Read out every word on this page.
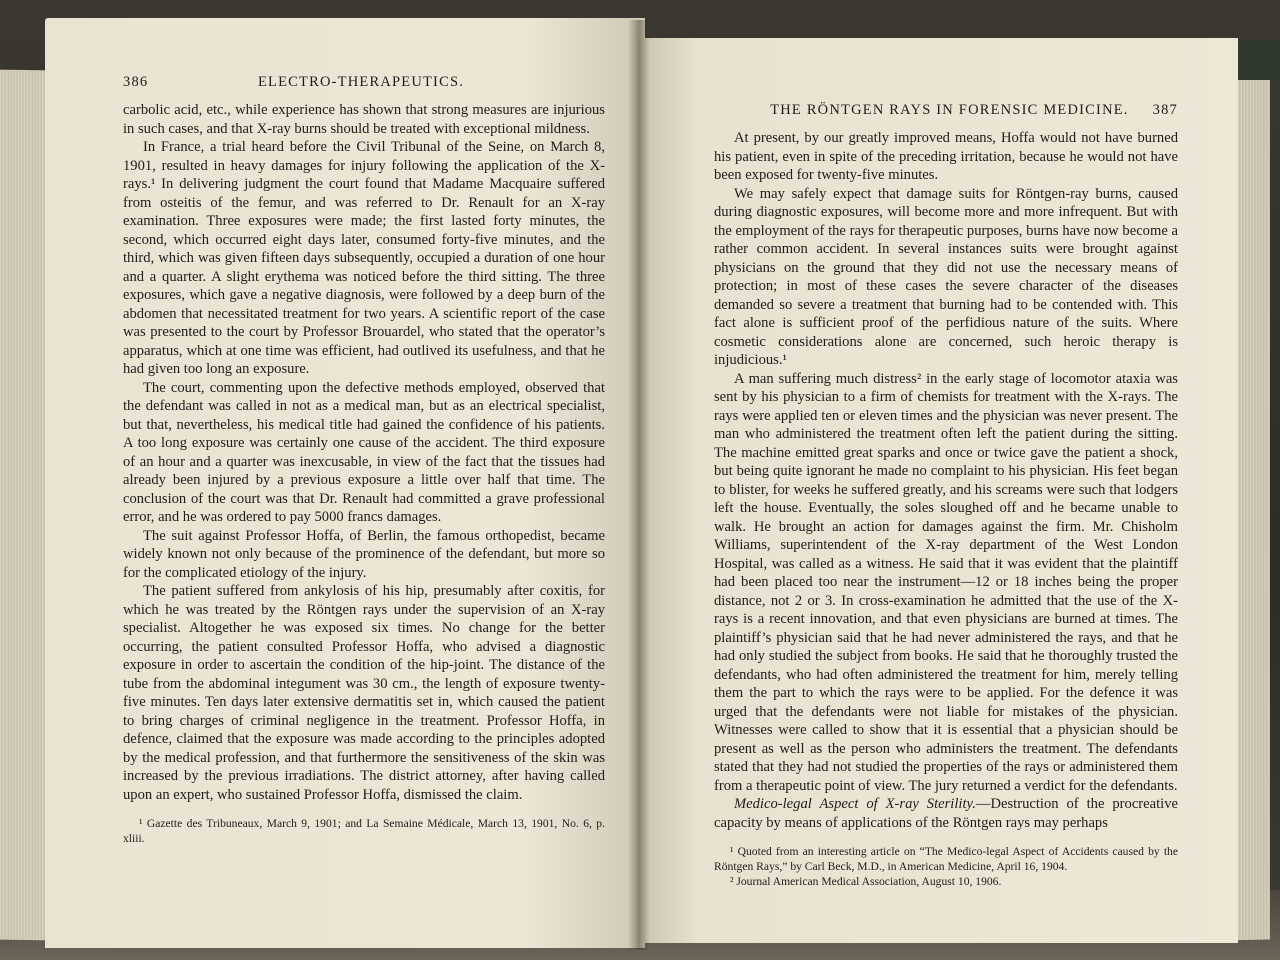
386	ELECTRO-THERAPEUTICS.

carbolic acid, etc., while experience has shown that strong measures are injurious in such cases, and that X-ray burns should be treated with exceptional mildness.

In France, a trial heard before the Civil Tribunal of the Seine, on March 8, 1901, resulted in heavy damages for injury following the application of the X-rays.¹ In delivering judgment the court found that Madame Macquaire suffered from osteitis of the femur, and was referred to Dr. Renault for an X-ray examination. Three exposures were made; the first lasted forty minutes, the second, which occurred eight days later, consumed forty-five minutes, and the third, which was given fifteen days subsequently, occupied a duration of one hour and a quarter. A slight erythema was noticed before the third sitting. The three exposures, which gave a negative diagnosis, were followed by a deep burn of the abdomen that necessitated treatment for two years. A scientific report of the case was presented to the court by Professor Brouardel, who stated that the operator’s apparatus, which at one time was efficient, had outlived its usefulness, and that he had given too long an exposure.

The court, commenting upon the defective methods employed, observed that the defendant was called in not as a medical man, but as an electrical specialist, but that, nevertheless, his medical title had gained the confidence of his patients. A too long exposure was certainly one cause of the accident. The third exposure of an hour and a quarter was inexcusable, in view of the fact that the tissues had already been injured by a previous exposure a little over half that time. The conclusion of the court was that Dr. Renault had committed a grave professional error, and he was ordered to pay 5000 francs damages.

The suit against Professor Hoffa, of Berlin, the famous orthopedist, became widely known not only because of the prominence of the defendant, but more so for the complicated etiology of the injury.

The patient suffered from ankylosis of his hip, presumably after coxitis, for which he was treated by the Röntgen rays under the supervision of an X-ray specialist. Altogether he was exposed six times. No change for the better occurring, the patient consulted Professor Hoffa, who advised a diagnostic exposure in order to ascertain the condition of the hip-joint. The distance of the tube from the abdominal integument was 30 cm., the length of exposure twenty-five minutes. Ten days later extensive dermatitis set in, which caused the patient to bring charges of criminal negligence in the treatment. Professor Hoffa, in defence, claimed that the exposure was made according to the principles adopted by the medical profession, and that furthermore the sensitiveness of the skin was increased by the previous irradiations. The district attorney, after having called upon an expert, who sustained Professor Hoffa, dismissed the claim.

¹ Gazette des Tribuneaux, March 9, 1901; and La Semaine Médicale, March 13, 1901, No. 6, p. xliii.

THE RÖNTGEN RAYS IN FORENSIC MEDICINE. 387

At present, by our greatly improved means, Hoffa would not have burned his patient, even in spite of the preceding irritation, because he would not have been exposed for twenty-five minutes.

We may safely expect that damage suits for Röntgen-ray burns, caused during diagnostic exposures, will become more and more infrequent. But with the employment of the rays for therapeutic purposes, burns have now become a rather common accident. In several instances suits were brought against physicians on the ground that they did not use the necessary means of protection; in most of these cases the severe character of the diseases demanded so severe a treatment that burning had to be contended with. This fact alone is sufficient proof of the perfidious nature of the suits. Where cosmetic considerations alone are concerned, such heroic therapy is injudicious.¹

A man suffering much distress² in the early stage of locomotor ataxia was sent by his physician to a firm of chemists for treatment with the X-rays. The rays were applied ten or eleven times and the physician was never present. The man who administered the treatment often left the patient during the sitting. The machine emitted great sparks and once or twice gave the patient a shock, but being quite ignorant he made no complaint to his physician. His feet began to blister, for weeks he suffered greatly, and his screams were such that lodgers left the house. Eventually, the soles sloughed off and he became unable to walk. He brought an action for damages against the firm. Mr. Chisholm Williams, superintendent of the X-ray department of the West London Hospital, was called as a witness. He said that it was evident that the plaintiff had been placed too near the instrument—12 or 18 inches being the proper distance, not 2 or 3. In cross-examination he admitted that the use of the X-rays is a recent innovation, and that even physicians are burned at times. The plaintiff’s physician said that he had never administered the rays, and that he had only studied the subject from books. He said that he thoroughly trusted the defendants, who had often administered the treatment for him, merely telling them the part to which the rays were to be applied. For the defence it was urged that the defendants were not liable for mistakes of the physician. Witnesses were called to show that it is essential that a physician should be present as well as the person who administers the treatment. The defendants stated that they had not studied the properties of the rays or administered them from a therapeutic point of view. The jury returned a verdict for the defendants.

Medico-legal Aspect of X-ray Sterility.—Destruction of the procreative capacity by means of applications of the Röntgen rays may perhaps

¹ Quoted from an interesting article on “The Medico-legal Aspect of Accidents caused by the Röntgen Rays,” by Carl Beck, M.D., in American Medicine, April 16, 1904.

² Journal American Medical Association, August 10, 1906.
